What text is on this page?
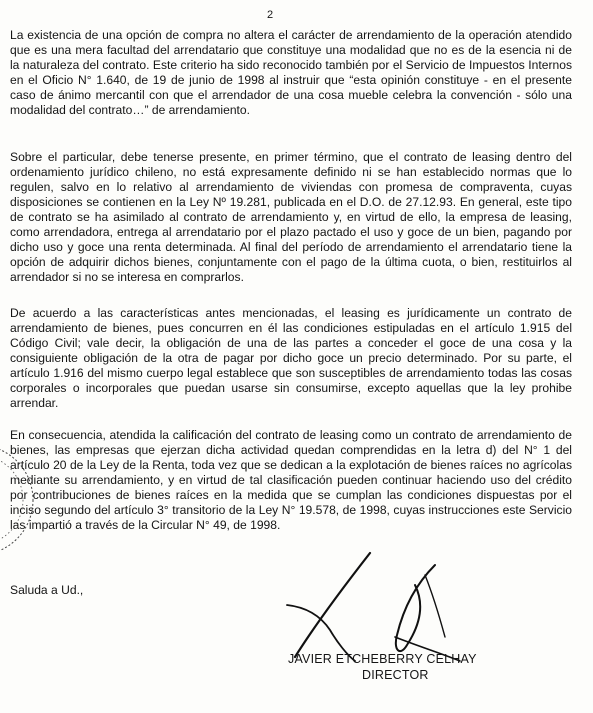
2

La existencia de una opción de compra no altera el carácter de arrendamiento de la operación atendido que es una mera facultad del arrendatario que constituye una modalidad que no es de la esencia ni de la naturaleza del contrato. Este criterio ha sido reconocido también por el Servicio de Impuestos Internos en el Oficio N° 1.640, de 19 de junio de 1998 al instruir que “esta opinión constituye - en el presente caso de ánimo mercantil con que el arrendador de una cosa mueble celebra la convención - sólo una modalidad del contrato…” de arrendamiento.

Sobre el particular, debe tenerse presente, en primer término, que el contrato de leasing dentro del ordenamiento jurídico chileno, no está expresamente definido ni se han establecido normas que lo regulen, salvo en lo relativo al arrendamiento de viviendas con promesa de compraventa, cuyas disposiciones se contienen en la Ley Nº 19.281, publicada en el D.O. de 27.12.93. En general, este tipo de contrato se ha asimilado al contrato de arrendamiento y, en virtud de ello, la empresa de leasing, como arrendadora, entrega al arrendatario por el plazo pactado el uso y goce de un bien, pagando por dicho uso y goce una renta determinada. Al final del período de arrendamiento el arrendatario tiene la opción de adquirir dichos bienes, conjuntamente con el pago de la última cuota, o bien, restituirlos al arrendador si no se interesa en comprarlos.

De acuerdo a las características antes mencionadas, el leasing es jurídicamente un contrato de arrendamiento de bienes, pues concurren en él las condiciones estipuladas en el artículo 1.915 del Código Civil; vale decir, la obligación de una de las partes a conceder el goce de una cosa y la consiguiente obligación de la otra de pagar por dicho goce un precio determinado. Por su parte, el artículo 1.916 del mismo cuerpo legal establece que son susceptibles de arrendamiento todas las cosas corporales o incorporales que puedan usarse sin consumirse, excepto aquellas que la ley prohibe arrendar.

En consecuencia, atendida la calificación del contrato de leasing como un contrato de arrendamiento de bienes, las empresas que ejerzan dicha actividad quedan comprendidas en la letra d) del N° 1 del artículo 20 de la Ley de la Renta, toda vez que se dedican a la explotación de bienes raíces no agrícolas mediante su arrendamiento, y en virtud de tal clasificación pueden continuar haciendo uso del crédito por contribuciones de bienes raíces en la medida que se cumplan las condiciones dispuestas por el inciso segundo del artículo 3° transitorio de la Ley N° 19.578, de 1998, cuyas instrucciones este Servicio las impartió a través de la Circular N° 49, de 1998.

Saluda a Ud.,
JAVIER ETCHEBERRY CELHAY
DIRECTOR
